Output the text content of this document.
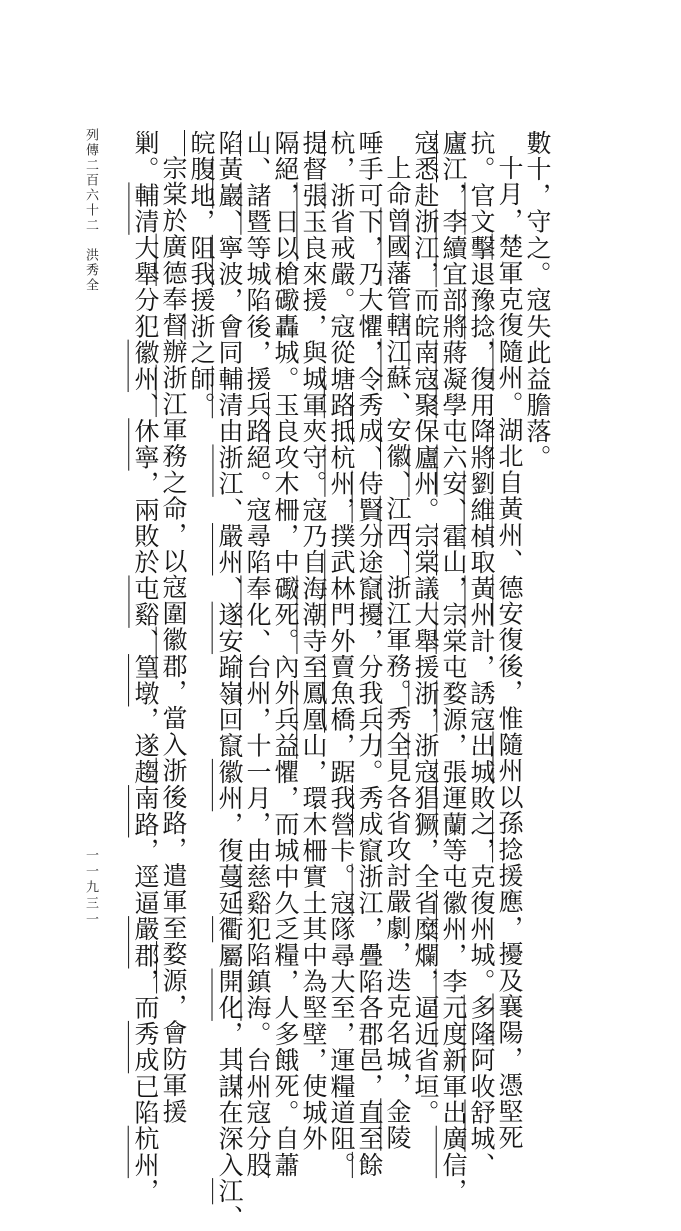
列傳二百六十二　洪秀全
一一九三一

數十，守之。寇失此益膽落。

十月，楚軍克復隨州。湖北自黃州、德安復後，惟隨州以孫捻援應，擾及襄陽，憑堅死

抗。官文擊退豫捻，復用降將劉維楨取黃州計，誘寇出城敗之，克復州城。多隆阿收舒城、

廬江，李續宜部將蔣凝學屯六安、霍山，宗棠屯婺源，張運蘭等屯徽州，李元度新軍出廣信，

寇悉赴浙江，而皖南寇聚保廬州。宗棠議大舉援浙，浙寇猖獗，全省糜爛，逼近省垣。

上命曾國藩管轄江蘇、安徽、江西、浙江軍務。秀全見各省攻討嚴劇，迭克名城，金陵

唾手可下，乃大懼，令秀成、侍賢分途竄擾，分我兵力。秀成竄浙江，疊陷各郡邑，直至餘

杭，浙省戒嚴。寇從塘路抵杭州，撲武林門外賣魚橋，踞我營卡。寇隊尋大至，運糧道阻。

提督張玉良來援，與城軍夾守。寇乃自海潮寺至鳳凰山，環木柵實土其中為堅壁，使城外

隔絕，日以槍礮轟城。玉良攻木柵，中礮死。內外兵益懼，而城中久乏糧，人多餓死。自蕭

山、諸暨等城陷後，援兵路絕。寇尋陷奉化、台州，十一月，由慈谿犯陷鎮海。台州寇分股

陷黃巖、寧波，會同輔清由浙江、嚴州、遂安踰嶺回竄徽州，復蔓延衢屬開化，其謀在深入江、

皖腹地，阻我援浙之師。

宗棠於廣德奉督辦浙江軍務之命，以寇圍徽郡，當入浙後路，遣軍至婺源，會防軍援

剿。輔清大舉分犯徽州、休寧，兩敗於屯谿、篁墩，遂趨南路，逕逼嚴郡，而秀成已陷杭州，
